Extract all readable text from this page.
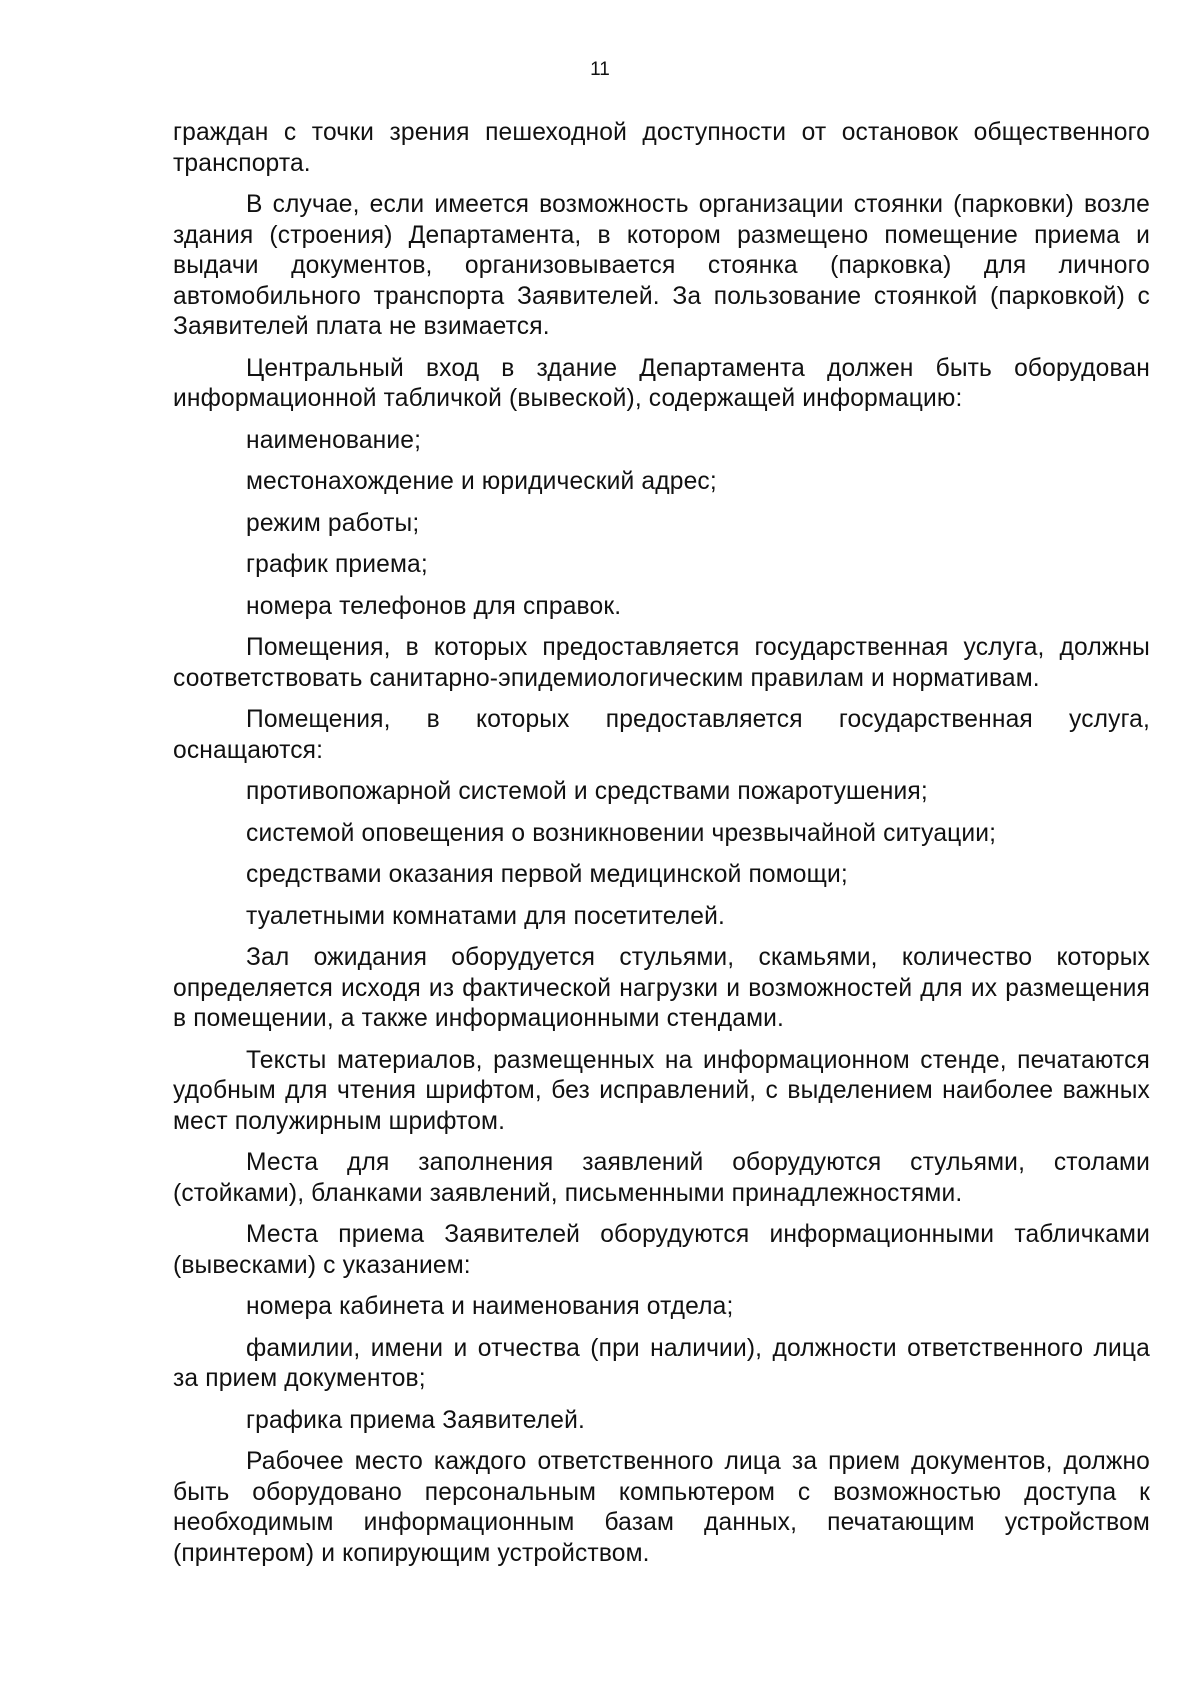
11

граждан с точки зрения пешеходной доступности от остановок общественного транспорта.

В случае, если имеется возможность организации стоянки (парковки) возле здания (строения) Департамента, в котором размещено помещение приема и выдачи документов, организовывается стоянка (парковка) для личного автомобильного транспорта Заявителей. За пользование стоянкой (парковкой) с Заявителей плата не взимается.

Центральный вход в здание Департамента должен быть оборудован информационной табличкой (вывеской), содержащей информацию:

наименование;

местонахождение и юридический адрес;

режим работы;

график приема;

номера телефонов для справок.

Помещения, в которых предоставляется государственная услуга, должны соответствовать санитарно-эпидемиологическим правилам и нормативам.

Помещения, в которых предоставляется государственная услуга, оснащаются:

противопожарной системой и средствами пожаротушения;

системой оповещения о возникновении чрезвычайной ситуации;

средствами оказания первой медицинской помощи;

туалетными комнатами для посетителей.

Зал ожидания оборудуется стульями, скамьями, количество которых определяется исходя из фактической нагрузки и возможностей для их размещения в помещении, а также информационными стендами.

Тексты материалов, размещенных на информационном стенде, печатаются удобным для чтения шрифтом, без исправлений, с выделением наиболее важных мест полужирным шрифтом.

Места для заполнения заявлений оборудуются стульями, столами (стойками), бланками заявлений, письменными принадлежностями.

Места приема Заявителей оборудуются информационными табличками (вывесками) с указанием:

номера кабинета и наименования отдела;

фамилии, имени и отчества (при наличии), должности ответственного лица за прием документов;

графика приема Заявителей.

Рабочее место каждого ответственного лица за прием документов, должно быть оборудовано персональным компьютером с возможностью доступа к необходимым информационным базам данных, печатающим устройством (принтером) и копирующим устройством.
